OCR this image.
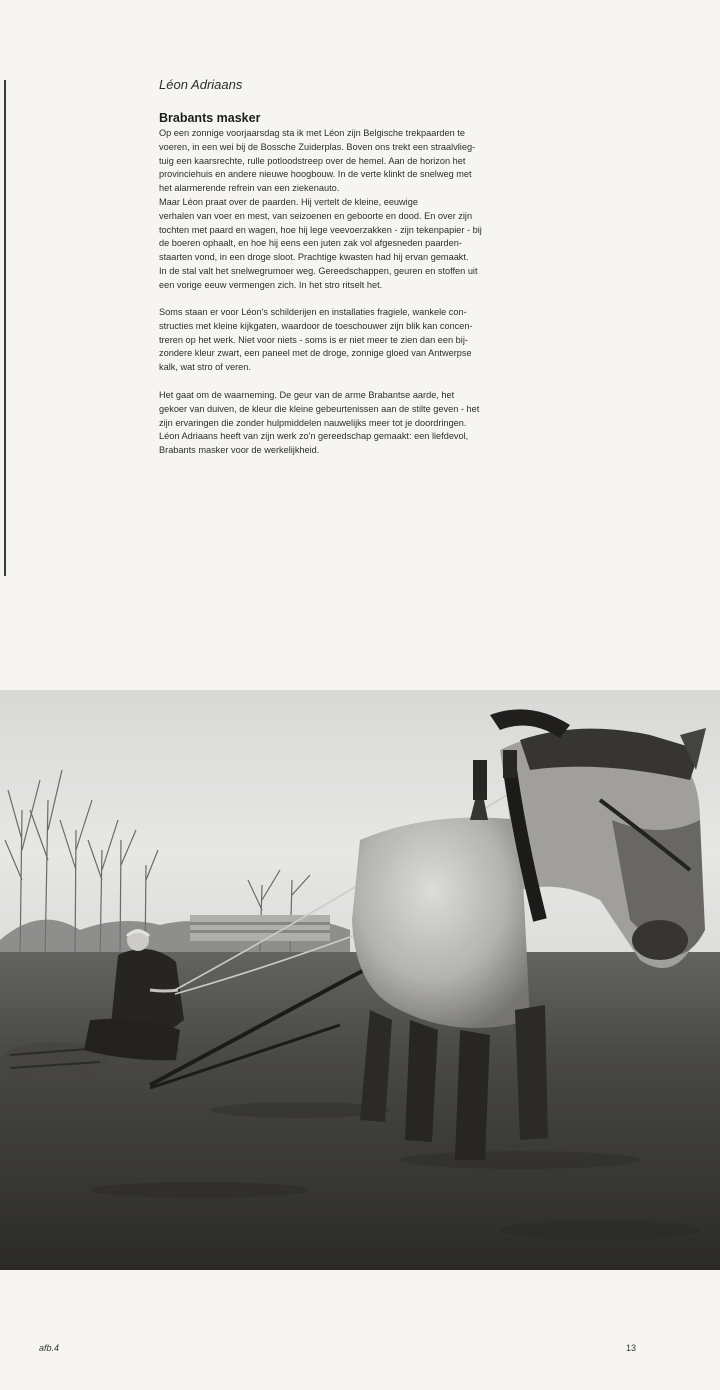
Léon Adriaans
Brabants masker

Op een zonnige voorjaarsdag sta ik met Léon zijn Belgische trekpaarden te
voeren, in een wei bij de Bossche Zuiderplas. Boven ons trekt een straalvlieg-
tuig een kaarsrechte, rulle potloodstreep over de hemel. Aan de horizon het
provinciehuis en andere nieuwe hoogbouw. In de verte klinkt de snelweg met
het alarmerende refrein van een ziekenauto.
Maar Léon praat over de paarden. Hij vertelt de kleine, eeuwige
verhalen van voer en mest, van seizoenen en geboorte en dood. En over zijn
tochten met paard en wagen, hoe hij lege veevoerzakken - zijn tekenpapier - bij
de boeren ophaalt, en hoe hij eens een juten zak vol afgesneden paarden-
staarten vond, in een droge sloot. Prachtige kwasten had hij ervan gemaakt.
In de stal valt het snelwegrumoer weg. Gereedschappen, geuren en stoffen uit
een vorige eeuw vermengen zich. In het stro ritselt het.

Soms staan er voor Léon's schilderijen en installaties fragiele, wankele con-
structies met kleine kijkgaten, waardoor de toeschouwer zijn blik kan concen-
treren op het werk. Niet voor niets - soms is er niet meer te zien dan een bij-
zondere kleur zwart, een paneel met de droge, zonnige gloed van Antwerpse
kalk, wat stro of veren.

Het gaat om de waarneming. De geur van de arme Brabantse aarde, het
gekoer van duiven, de kleur die kleine gebeurtenissen aan de stilte geven - het
zijn ervaringen die zonder hulpmiddelen nauwelijks meer tot je doordringen.
Léon Adriaans heeft van zijn werk zo'n gereedschap gemaakt: een liefdevol,
Brabants masker voor de werkelijkheid.

afb.4	13
